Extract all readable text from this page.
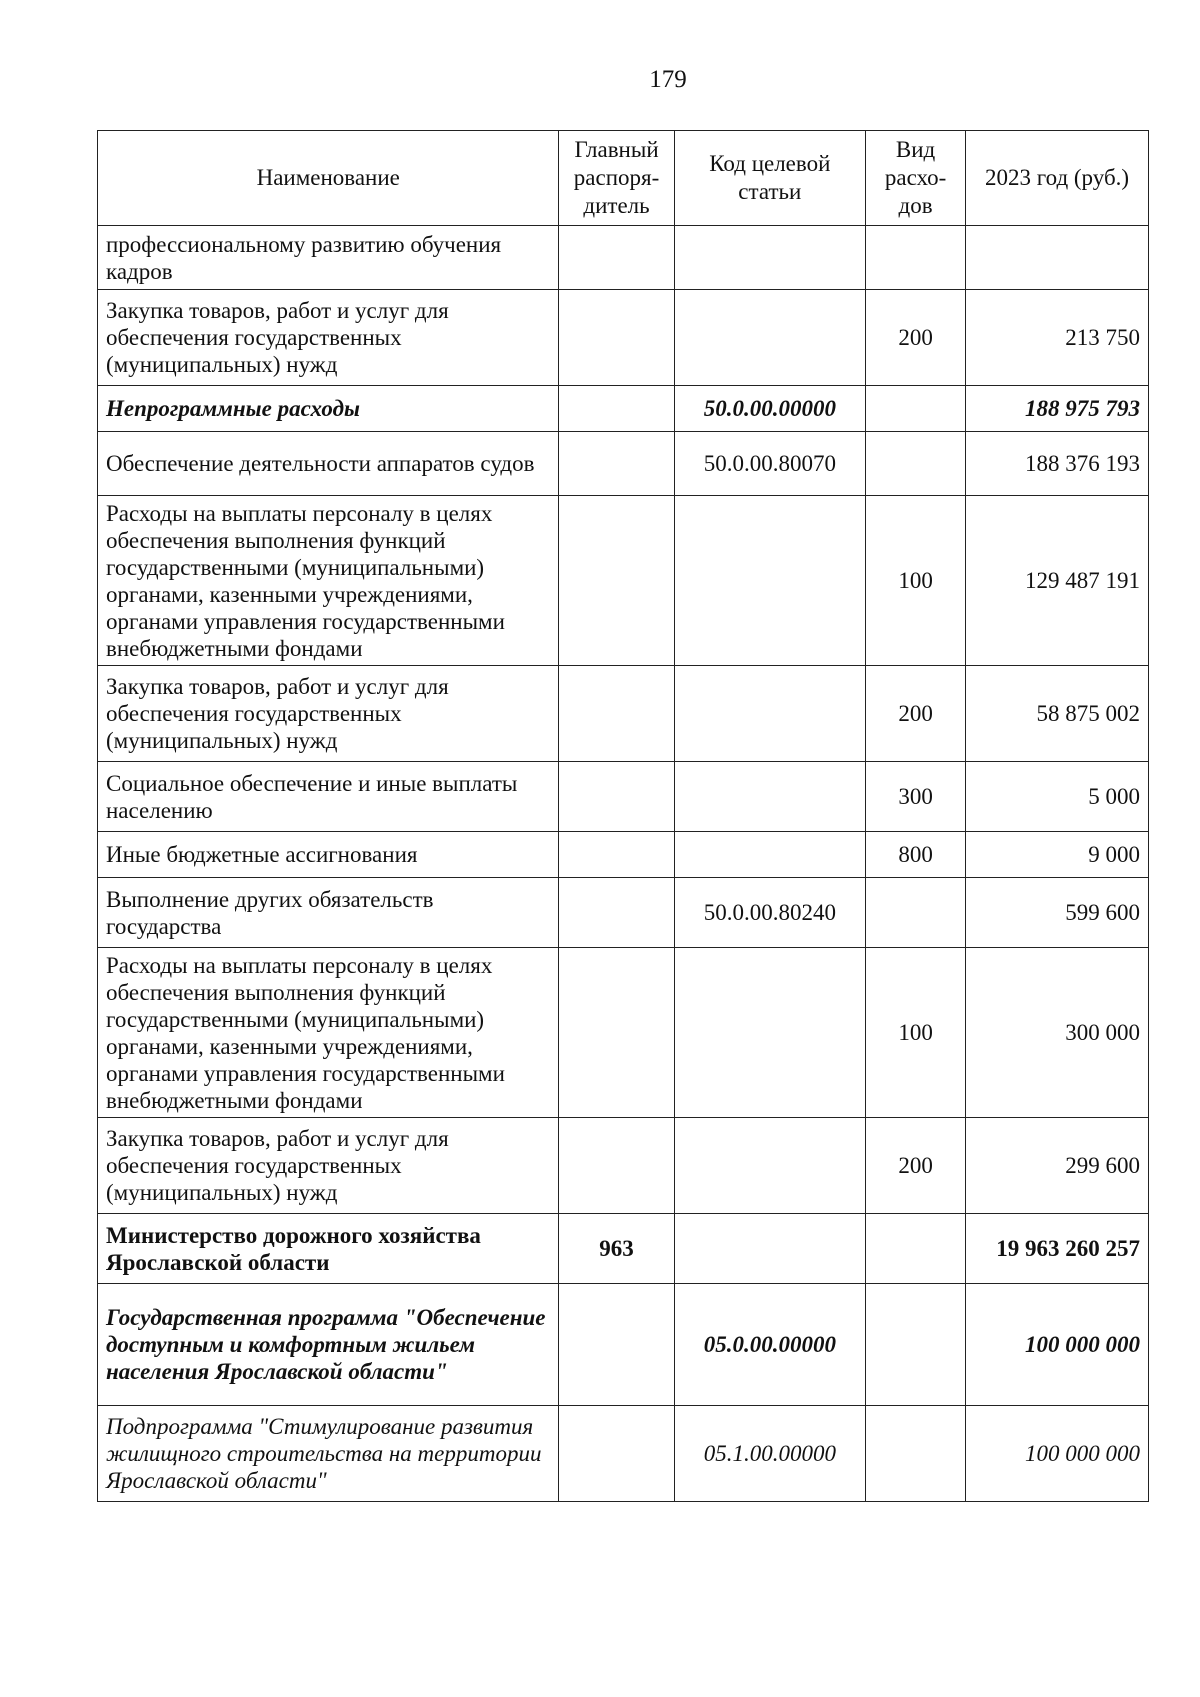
179
Наименование	Главный распоря-дитель	Код целевой статьи	Вид расхо-дов	2023 год (руб.)
профессиональному развитию обучения кадров				
Закупка товаров, работ и услуг для обеспечения государственных (муниципальных) нужд			200	213 750
Непрограммные расходы		50.0.00.00000		188 975 793
Обеспечение деятельности аппаратов судов		50.0.00.80070		188 376 193
Расходы на выплаты персоналу в целях обеспечения выполнения функций государственными (муниципальными) органами, казенными учреждениями, органами управления государственными внебюджетными фондами			100	129 487 191
Закупка товаров, работ и услуг для обеспечения государственных (муниципальных) нужд			200	58 875 002
Социальное обеспечение и иные выплаты населению			300	5 000
Иные бюджетные ассигнования			800	9 000
Выполнение других обязательств государства		50.0.00.80240		599 600
Расходы на выплаты персоналу в целях обеспечения выполнения функций государственными (муниципальными) органами, казенными учреждениями, органами управления государственными внебюджетными фондами			100	300 000
Закупка товаров, работ и услуг для обеспечения государственных (муниципальных) нужд			200	299 600
Министерство дорожного хозяйства Ярославской области	963			19 963 260 257
Государственная программа "Обеспечение доступным и комфортным жильем населения Ярославской области"		05.0.00.00000		100 000 000
Подпрограмма "Стимулирование развития жилищного строительства на территории Ярославской области"		05.1.00.00000		100 000 000
